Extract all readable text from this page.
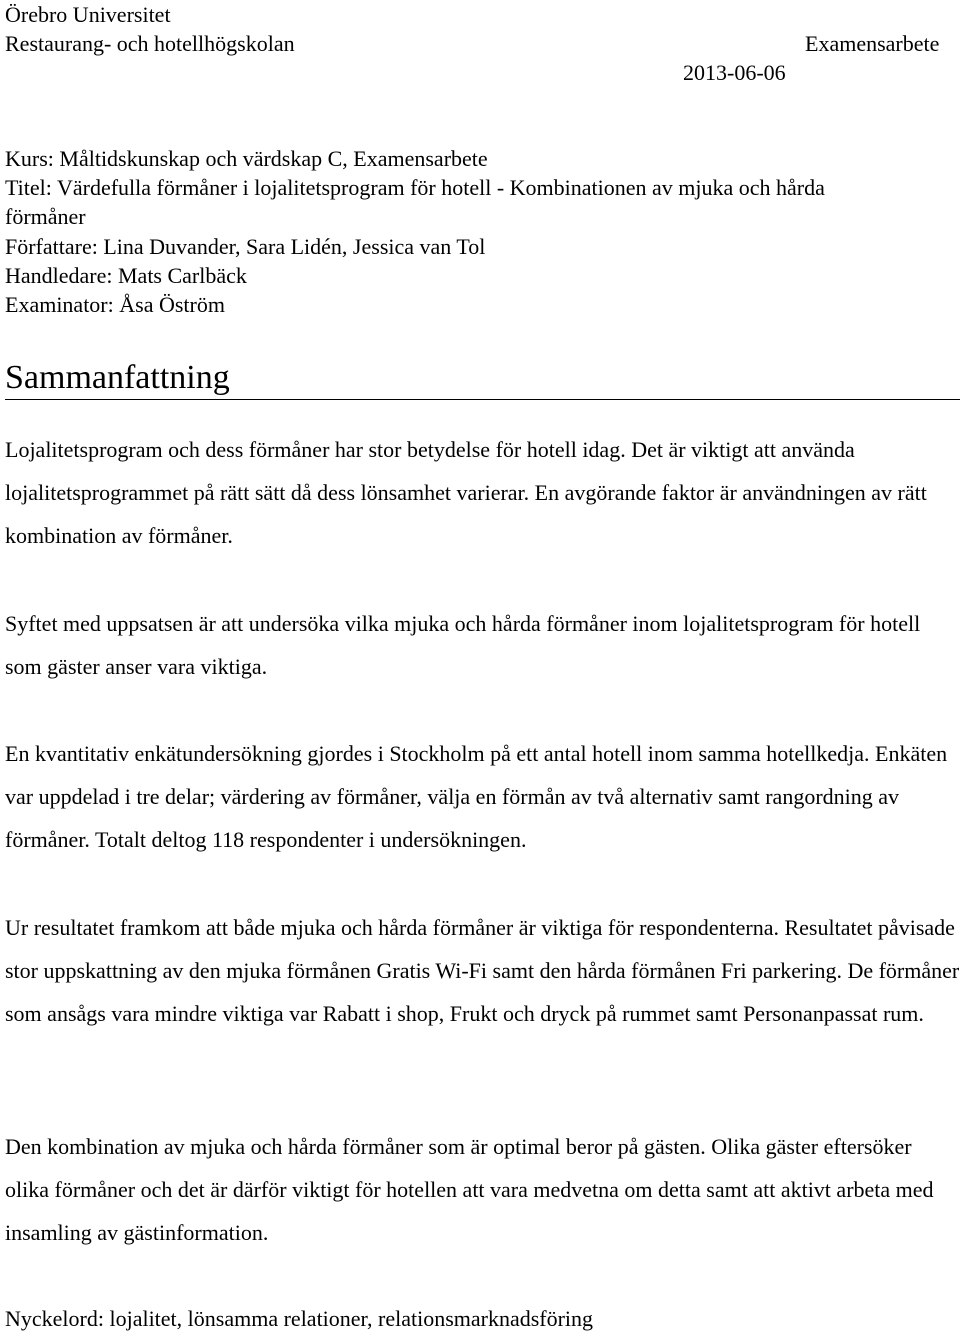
Örebro Universitet
Restaurang- och hotellhögskolan	Examensarbete
2013-06-06

Kurs: Måltidskunskap och värdskap C, Examensarbete

Titel: Värdefulla förmåner i lojalitetsprogram för hotell - Kombinationen av mjuka och hårda

förmåner

Författare: Lina Duvander, Sara Lidén, Jessica van Tol

Handledare: Mats Carlbäck

Examinator: Åsa Öström

Sammanfattning

Lojalitetsprogram och dess förmåner har stor betydelse för hotell idag. Det är viktigt att använda lojalitetsprogrammet på rätt sätt då dess lönsamhet varierar. En avgörande faktor är användningen av rätt kombination av förmåner.

Syftet med uppsatsen är att undersöka vilka mjuka och hårda förmåner inom lojalitetsprogram för hotell som gäster anser vara viktiga.

En kvantitativ enkätundersökning gjordes i Stockholm på ett antal hotell inom samma hotellkedja. Enkäten var uppdelad i tre delar; värdering av förmåner, välja en förmån av två alternativ samt rangordning av förmåner. Totalt deltog 118 respondenter i undersökningen.

Ur resultatet framkom att både mjuka och hårda förmåner är viktiga för respondenterna. Resultatet påvisade stor uppskattning av den mjuka förmånen Gratis Wi-Fi samt den hårda förmånen Fri parkering. De förmåner som ansågs vara mindre viktiga var Rabatt i shop, Frukt och dryck på rummet samt Personanpassat rum.

Den kombination av mjuka och hårda förmåner som är optimal beror på gästen. Olika gäster eftersöker olika förmåner och det är därför viktigt för hotellen att vara medvetna om detta samt att aktivt arbeta med insamling av gästinformation.

Nyckelord: lojalitet, lönsamma relationer, relationsmarknadsföring
